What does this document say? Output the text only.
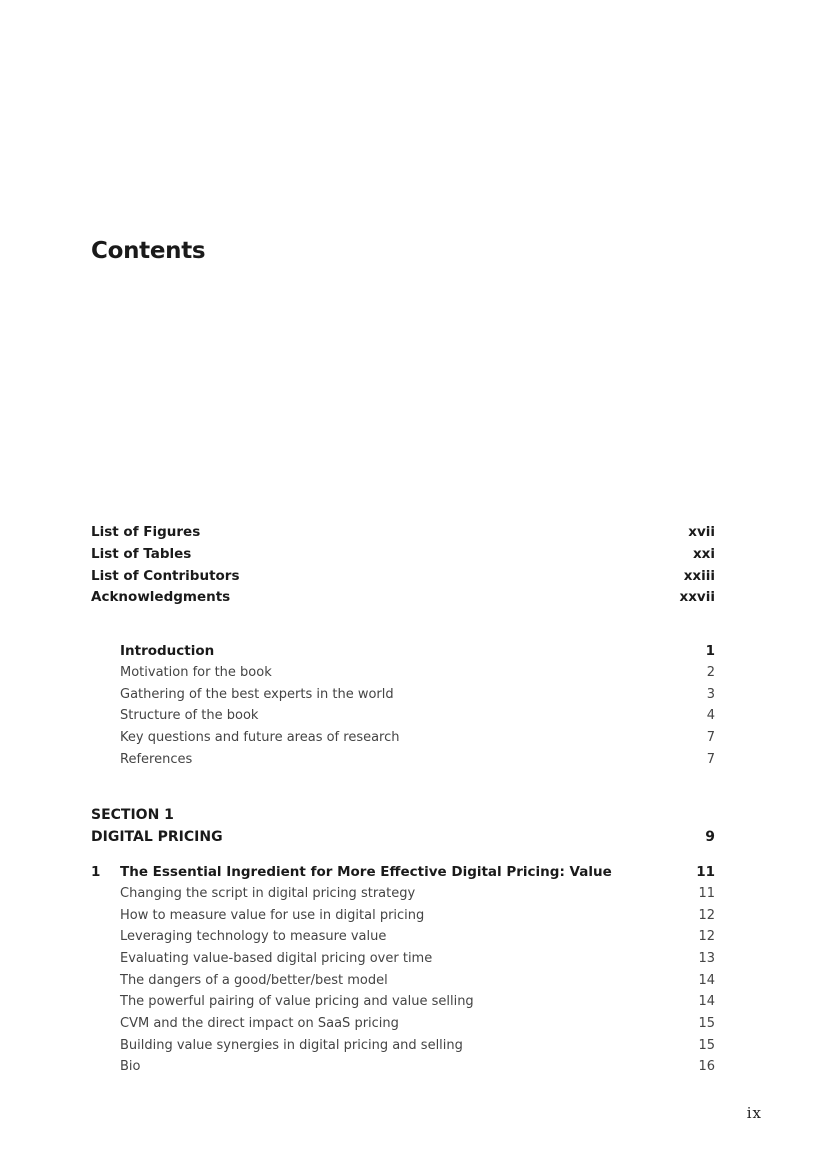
Contents
List of Figures	xvii
List of Tables	xxi
List of Contributors	xxiii
Acknowledgments	xxvii
Introduction	1
Motivation for the book	2
Gathering of the best experts in the world	3
Structure of the book	4
Key questions and future areas of research	7
References	7
SECTION 1
DIGITAL PRICING	9
1 The Essential Ingredient for More Effective Digital Pricing: Value	11
Changing the script in digital pricing strategy	11
How to measure value for use in digital pricing	12
Leveraging technology to measure value	12
Evaluating value-based digital pricing over time	13
The dangers of a good/better/best model	14
The powerful pairing of value pricing and value selling	14
CVM and the direct impact on SaaS pricing	15
Building value synergies in digital pricing and selling	15
Bio	16
ix
